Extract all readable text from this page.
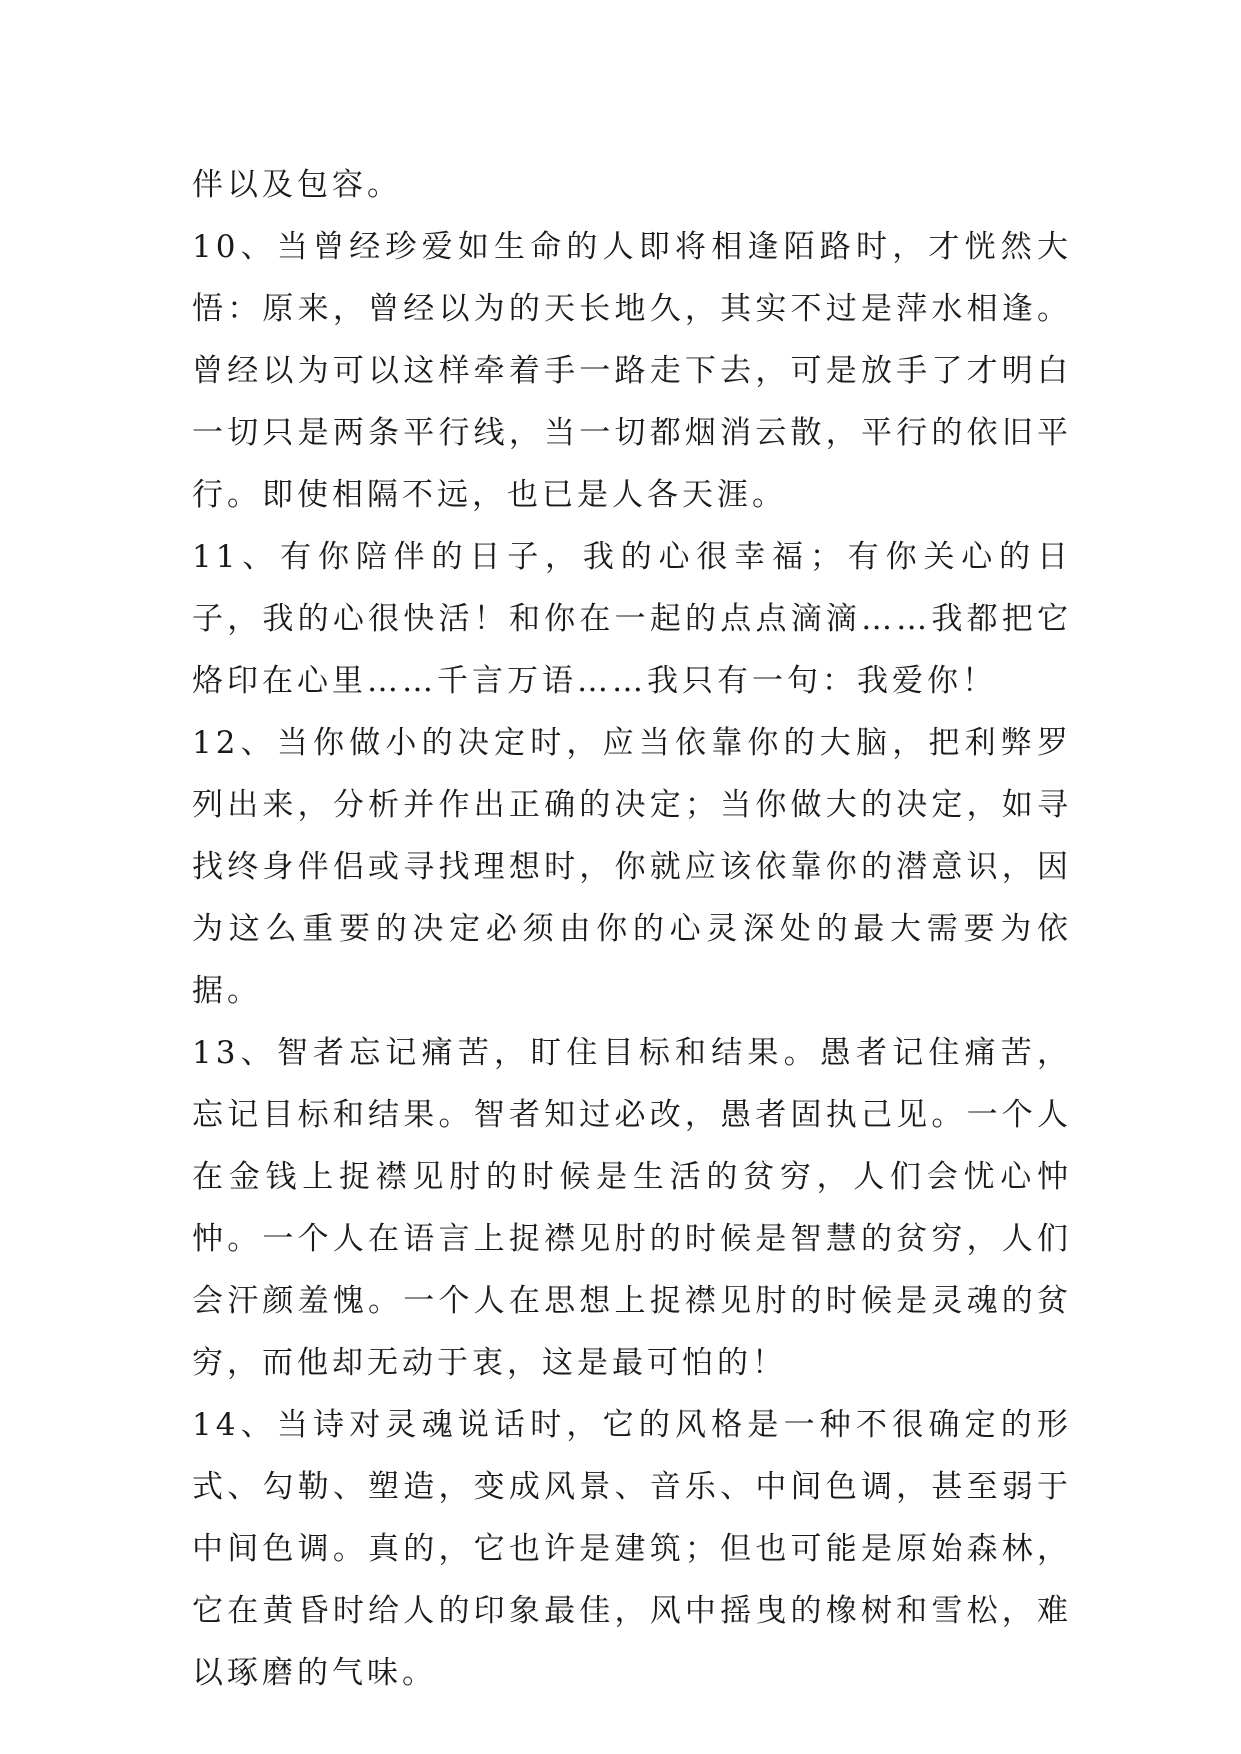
伴以及包容。

10、当曾经珍爱如生命的人即将相逢陌路时，才恍然大悟：原来，曾经以为的天长地久，其实不过是萍水相逢。曾经以为可以这样牵着手一路走下去，可是放手了才明白一切只是两条平行线，当一切都烟消云散，平行的依旧平行。即使相隔不远，也已是人各天涯。

11、有你陪伴的日子，我的心很幸福；有你关心的日子，我的心很快活！和你在一起的点点滴滴……我都把它烙印在心里……千言万语……我只有一句：我爱你！

12、当你做小的决定时，应当依靠你的大脑，把利弊罗列出来，分析并作出正确的决定；当你做大的决定，如寻找终身伴侣或寻找理想时，你就应该依靠你的潜意识，因为这么重要的决定必须由你的心灵深处的最大需要为依据。

13、智者忘记痛苦，盯住目标和结果。愚者记住痛苦，忘记目标和结果。智者知过必改，愚者固执己见。一个人在金钱上捉襟见肘的时候是生活的贫穷，人们会忧心忡忡。一个人在语言上捉襟见肘的时候是智慧的贫穷，人们会汗颜羞愧。一个人在思想上捉襟见肘的时候是灵魂的贫穷，而他却无动于衷，这是最可怕的！

14、当诗对灵魂说话时，它的风格是一种不很确定的形式、勾勒、塑造，变成风景、音乐、中间色调，甚至弱于中间色调。真的，它也许是建筑；但也可能是原始森林，它在黄昏时给人的印象最佳，风中摇曳的橡树和雪松，难以琢磨的气味。
